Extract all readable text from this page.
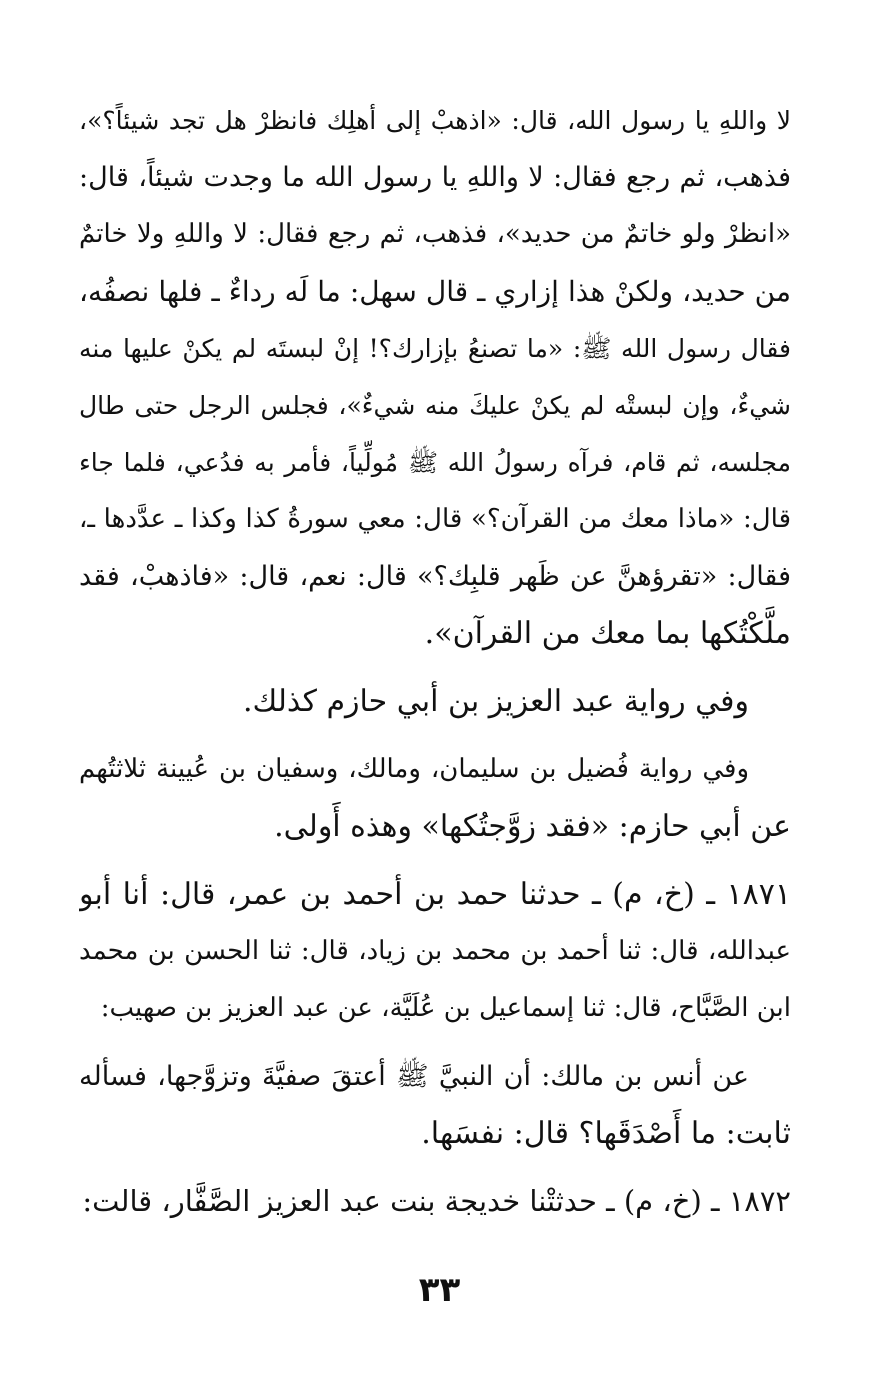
لا واللهِ يا رسول الله، قال: «اذهبْ إلى أهلِك فانظرْ هل تجد شيئاً؟»،
فذهب، ثم رجع فقال: لا واللهِ يا رسول الله ما وجدت شيئاً، قال:
«انظرْ ولو خاتمٌ من حديد»، فذهب، ثم رجع فقال: لا واللهِ ولا خاتمٌ
من حديد، ولكنْ هذا إزاري ـ قال سهل: ما لَه رداءٌ ـ فلها نصفُه،
فقال رسول الله ﷺ: «ما تصنعُ بإزارك؟! إنْ لبستَه لم يكنْ عليها منه
شيءٌ، وإن لبستْه لم يكنْ عليكَ منه شيءٌ»، فجلس الرجل حتى طال
مجلسه، ثم قام، فرآه رسولُ الله ﷺ مُولِّياً، فأمر به فدُعي، فلما جاء
قال: «ماذا معك من القرآن؟» قال: معي سورةُ كذا وكذا ـ عدَّدها ـ،
فقال: «تقرؤهنَّ عن ظَهر قلبِك؟» قال: نعم، قال: «فاذهبْ، فقد
ملَّكْتُكها بما معك من القرآن».
وفي رواية عبد العزيز بن أبي حازم كذلك.
وفي رواية فُضيل بن سليمان، ومالك، وسفيان بن عُيينة ثلاثتُهم
عن أبي حازم: «فقد زوَّجتُكها» وهذه أَولى.
١٨٧١ ـ (خ، م) ـ حدثنا حمد بن أحمد بن عمر، قال: أنا أبو
عبدالله، قال: ثنا أحمد بن محمد بن زياد، قال: ثنا الحسن بن محمد
ابن الصَّبَّاح، قال: ثنا إسماعيل بن عُلَيَّة، عن عبد العزيز بن صهيب:
عن أنس بن مالك: أن النبيَّ ﷺ أعتقَ صفيَّةَ وتزوَّجها، فسأله
ثابت: ما أَصْدَقَها؟ قال: نفسَها.
١٨٧٢ ـ (خ، م) ـ حدثتْنا خديجة بنت عبد العزيز الصَّفَّار، قالت:
٣٣
